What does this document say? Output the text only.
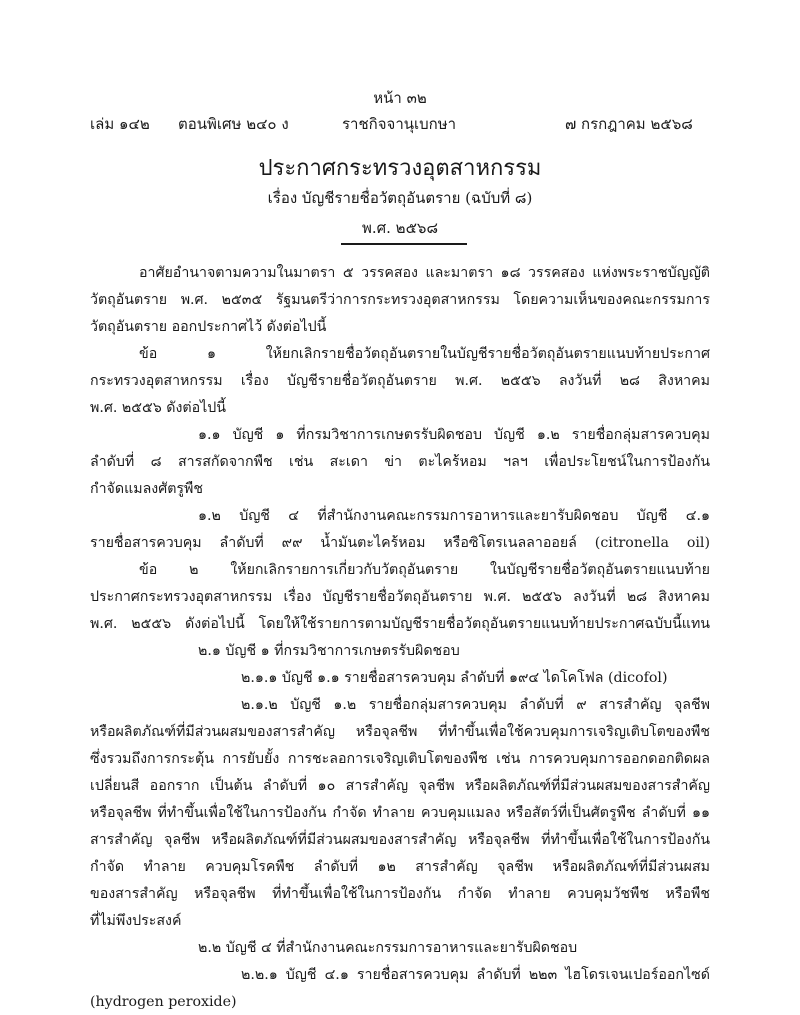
หน้า ๓๒
เล่ม ๑๔๒ ตอนพิเศษ ๒๔๐ ง	ราชกิจจานุเบกษา	๗ กรกฎาคม ๒๕๖๘
ประกาศกระทรวงอุตสาหกรรม
เรื่อง บัญชีรายชื่อวัตถุอันตราย (ฉบับที่ ๘)
พ.ศ. ๒๕๖๘
อาศัยอำนาจตามความในมาตรา ๕ วรรคสอง และมาตรา ๑๘ วรรคสอง แห่งพระราชบัญญัติ
วัตถุอันตราย พ.ศ. ๒๕๓๕ รัฐมนตรีว่าการกระทรวงอุตสาหกรรม โดยความเห็นของคณะกรรมการ
วัตถุอันตราย ออกประกาศไว้ ดังต่อไปนี้
ข้อ ๑ ให้ยกเลิกรายชื่อวัตถุอันตรายในบัญชีรายชื่อวัตถุอันตรายแนบท้ายประกาศ
กระทรวงอุตสาหกรรม เรื่อง บัญชีรายชื่อวัตถุอันตราย พ.ศ. ๒๕๕๖ ลงวันที่ ๒๘ สิงหาคม
พ.ศ. ๒๕๕๖ ดังต่อไปนี้
๑.๑ บัญชี ๑ ที่กรมวิชาการเกษตรรับผิดชอบ บัญชี ๑.๒ รายชื่อกลุ่มสารควบคุม
ลำดับที่ ๘ สารสกัดจากพืช เช่น สะเดา ข่า ตะไคร้หอม ฯลฯ เพื่อประโยชน์ในการป้องกัน
กำจัดแมลงศัตรูพืช
๑.๒ บัญชี ๔ ที่สำนักงานคณะกรรมการอาหารและยารับผิดชอบ บัญชี ๔.๑
รายชื่อสารควบคุม ลำดับที่ ๙๙ น้ำมันตะไคร้หอม หรือซิโตรเนลลาออยล์ (citronella oil)
ข้อ ๒ ให้ยกเลิกรายการเกี่ยวกับวัตถุอันตราย ในบัญชีรายชื่อวัตถุอันตรายแนบท้าย
ประกาศกระทรวงอุตสาหกรรม เรื่อง บัญชีรายชื่อวัตถุอันตราย พ.ศ. ๒๕๕๖ ลงวันที่ ๒๘ สิงหาคม
พ.ศ. ๒๕๕๖ ดังต่อไปนี้ โดยให้ใช้รายการตามบัญชีรายชื่อวัตถุอันตรายแนบท้ายประกาศฉบับนี้แทน
๒.๑ บัญชี ๑ ที่กรมวิชาการเกษตรรับผิดชอบ
๒.๑.๑ บัญชี ๑.๑ รายชื่อสารควบคุม ลำดับที่ ๑๙๔ ไดโคโฟล (dicofol)
๒.๑.๒ บัญชี ๑.๒ รายชื่อกลุ่มสารควบคุม ลำดับที่ ๙ สารสำคัญ จุลชีพ
หรือผลิตภัณฑ์ที่มีส่วนผสมของสารสำคัญ หรือจุลชีพ ที่ทำขึ้นเพื่อใช้ควบคุมการเจริญเติบโตของพืช
ซึ่งรวมถึงการกระตุ้น การยับยั้ง การชะลอการเจริญเติบโตของพืช เช่น การควบคุมการออกดอกติดผล
เปลี่ยนสี ออกราก เป็นต้น ลำดับที่ ๑๐ สารสำคัญ จุลชีพ หรือผลิตภัณฑ์ที่มีส่วนผสมของสารสำคัญ
หรือจุลชีพ ที่ทำขึ้นเพื่อใช้ในการป้องกัน กำจัด ทำลาย ควบคุมแมลง หรือสัตว์ที่เป็นศัตรูพืช ลำดับที่ ๑๑
สารสำคัญ จุลชีพ หรือผลิตภัณฑ์ที่มีส่วนผสมของสารสำคัญ หรือจุลชีพ ที่ทำขึ้นเพื่อใช้ในการป้องกัน
กำจัด ทำลาย ควบคุมโรคพืช ลำดับที่ ๑๒ สารสำคัญ จุลชีพ หรือผลิตภัณฑ์ที่มีส่วนผสม
ของสารสำคัญ หรือจุลชีพ ที่ทำขึ้นเพื่อใช้ในการป้องกัน กำจัด ทำลาย ควบคุมวัชพืช หรือพืช
ที่ไม่พึงประสงค์
๒.๒ บัญชี ๔ ที่สำนักงานคณะกรรมการอาหารและยารับผิดชอบ
๒.๒.๑ บัญชี ๔.๑ รายชื่อสารควบคุม ลำดับที่ ๒๒๓ ไฮโดรเจนเปอร์ออกไซด์
(hydrogen peroxide)
